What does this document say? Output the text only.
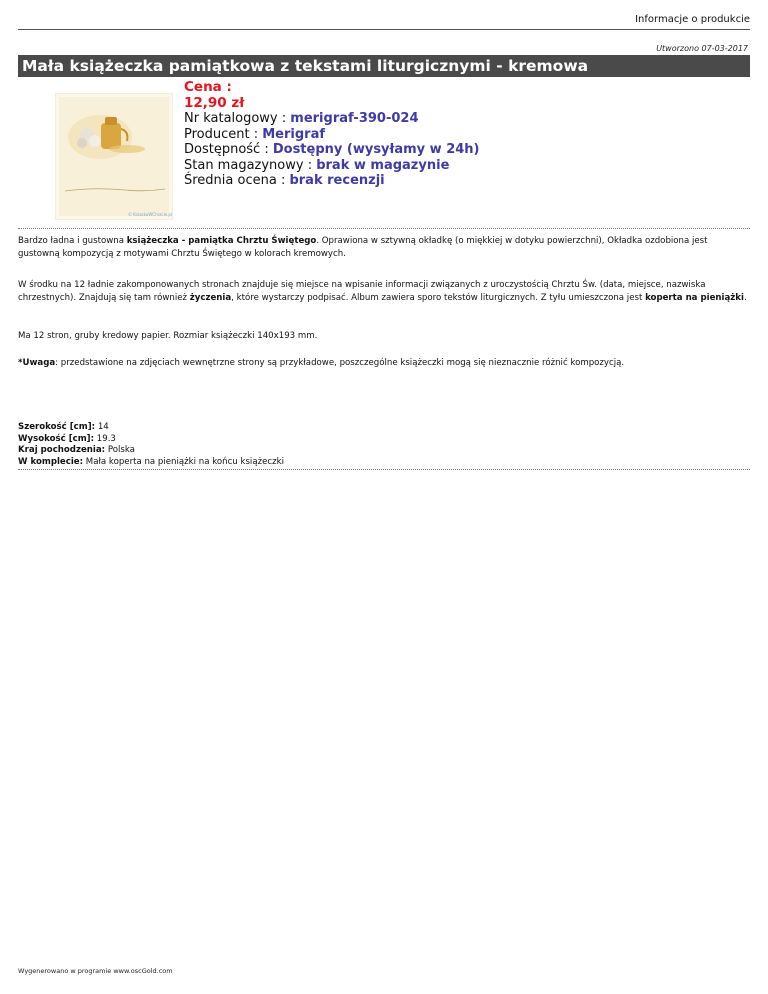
Informacje o produkcie
Utworzono 07-03-2017
Mała książeczka pamiątkowa z tekstami liturgicznymi - kremowa
© KsiazkaWChrzcie.pl
Cena :
12,90 zł
Nr katalogowy : merigraf-390-024
Producent : Merigraf
Dostępność : Dostępny (wysyłamy w 24h)
Stan magazynowy : brak w magazynie
Średnia ocena : brak recenzji

Bardzo ładna i gustowna książeczka - pamiątka Chrztu Świętego. Oprawiona w sztywną okładkę (o miękkiej w dotyku powierzchni), Okładka ozdobiona jest gustowną kompozycją z motywami Chrztu Świętego w kolorach kremowych.

W środku na 12 ładnie zakomponowanych stronach znajduje się miejsce na wpisanie informacji związanych z uroczystością Chrztu Św. (data, miejsce, nazwiska chrzestnych). Znajdują się tam również życzenia, które wystarczy podpisać. Album zawiera sporo tekstów liturgicznych. Z tyłu umieszczona jest koperta na pieniążki.

Ma 12 stron, gruby kredowy papier. Rozmiar książeczki 140x193 mm.

*Uwaga: przedstawione na zdjęciach wewnętrzne strony są przykładowe, poszczególne książeczki mogą się nieznacznie różnić kompozycją.

Szerokość [cm]: 14
Wysokość [cm]: 19.3
Kraj pochodzenia: Polska
W komplecie: Mała koperta na pieniążki na końcu książeczki
Wygenerowano w programie www.oscGold.com
